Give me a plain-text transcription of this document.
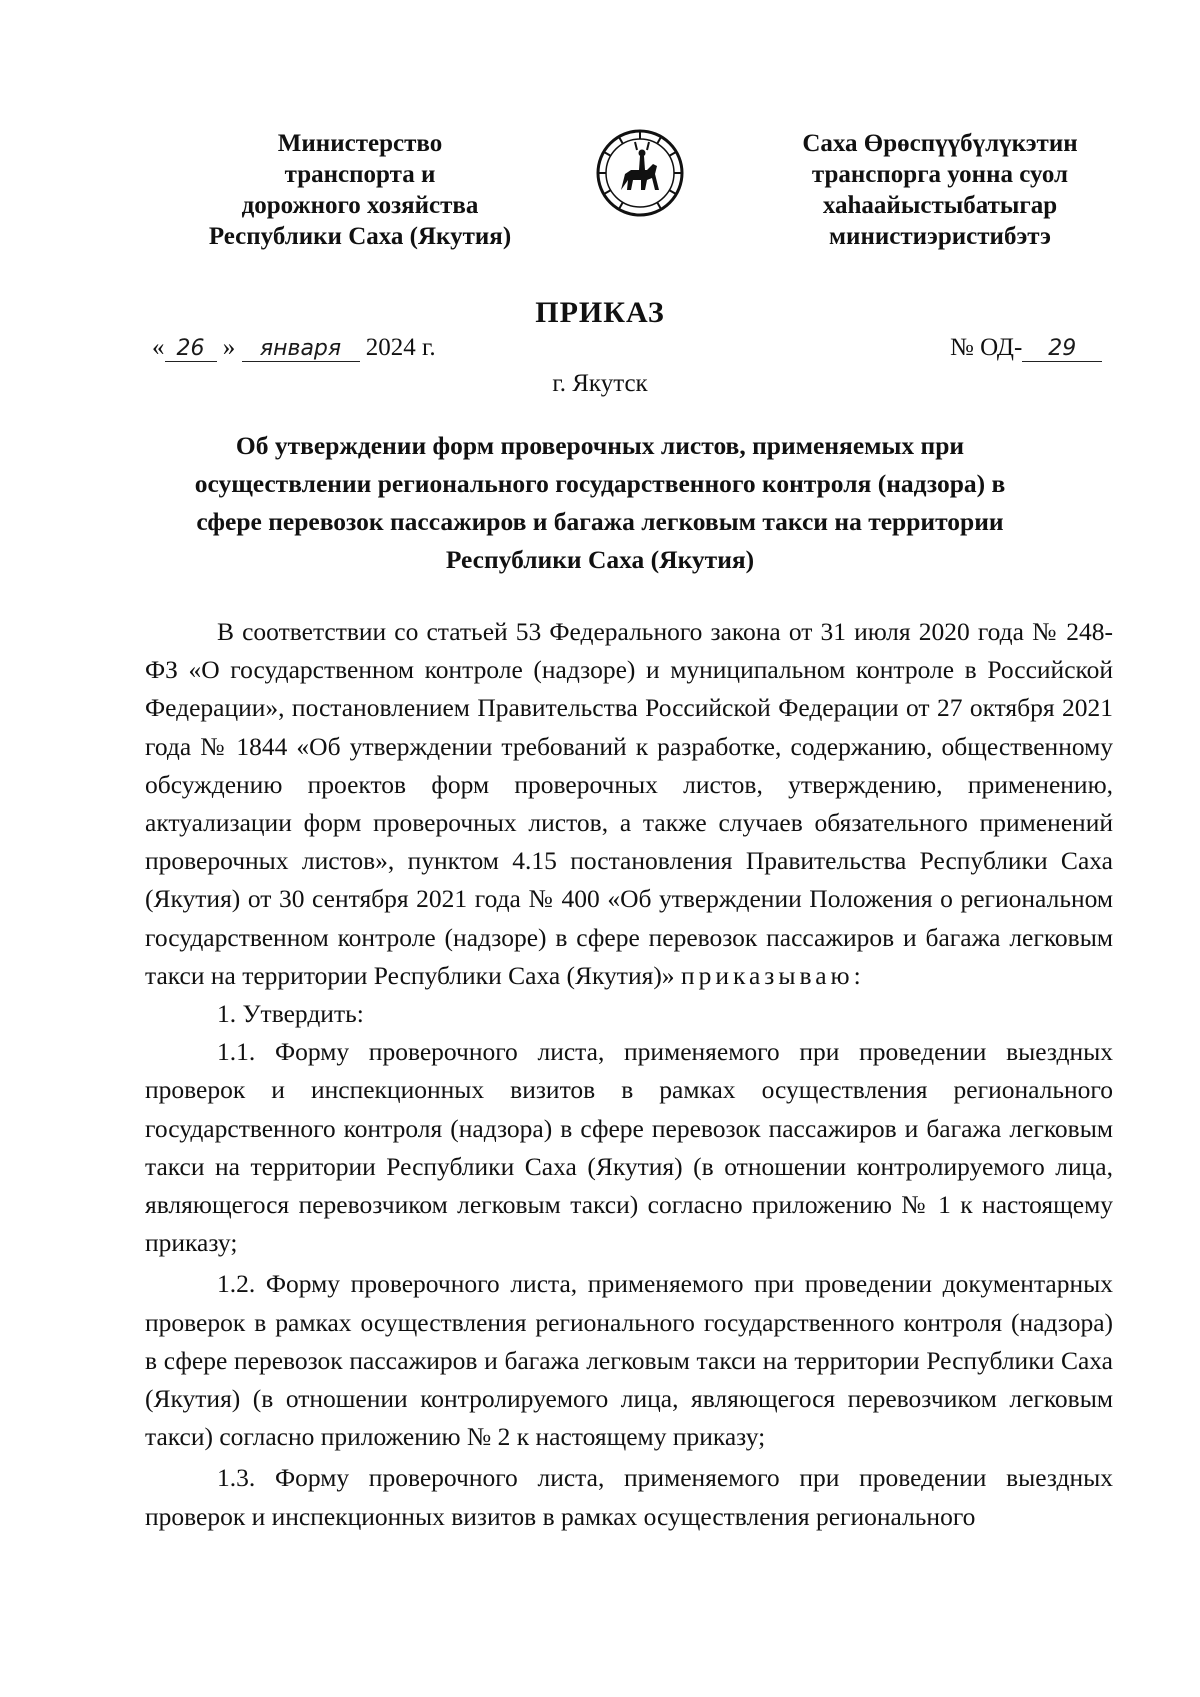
Министерство
транспорта и
дорожного хозяйства
Республики Саха (Якутия)
Саха Өрөспүүбүлүкэтин
транспорга уонна суол
хаһаайыстыбатыгар
министиэристибэтэ
ПРИКАЗ
« 26 » января 2024 г.	№ ОД- 29
г. Якутск
Об утверждении форм проверочных листов, применяемых при
осуществлении регионального государственного контроля (надзора) в
сфере перевозок пассажиров и багажа легковым такси на территории
Республики Саха (Якутия)

В соответствии со статьей 53 Федерального закона от 31 июля 2020 года № 248-ФЗ «О государственном контроле (надзоре) и муниципальном контроле в Российской Федерации», постановлением Правительства Российской Федерации от 27 октября 2021 года № 1844 «Об утверждении требований к разработке, содержанию, общественному обсуждению проектов форм проверочных листов, утверждению, применению, актуализации форм проверочных листов, а также случаев обязательного применений проверочных листов», пунктом 4.15 постановления Правительства Республики Саха (Якутия) от 30 сентября 2021 года № 400 «Об утверждении Положения о региональном государственном контроле (надзоре) в сфере перевозок пассажиров и багажа легковым такси на территории Республики Саха (Якутия)» приказываю:

1. Утвердить:

1.1. Форму проверочного листа, применяемого при проведении выездных проверок и инспекционных визитов в рамках осуществления регионального государственного контроля (надзора) в сфере перевозок пассажиров и багажа легковым такси на территории Республики Саха (Якутия) (в отношении контролируемого лица, являющегося перевозчиком легковым такси) согласно приложению № 1 к настоящему приказу;

1.2. Форму проверочного листа, применяемого при проведении документарных проверок в рамках осуществления регионального государственного контроля (надзора) в сфере перевозок пассажиров и багажа легковым такси на территории Республики Саха (Якутия) (в отношении контролируемого лица, являющегося перевозчиком легковым такси) согласно приложению № 2 к настоящему приказу;

1.3. Форму проверочного листа, применяемого при проведении выездных проверок и инспекционных визитов в рамках осуществления регионального
